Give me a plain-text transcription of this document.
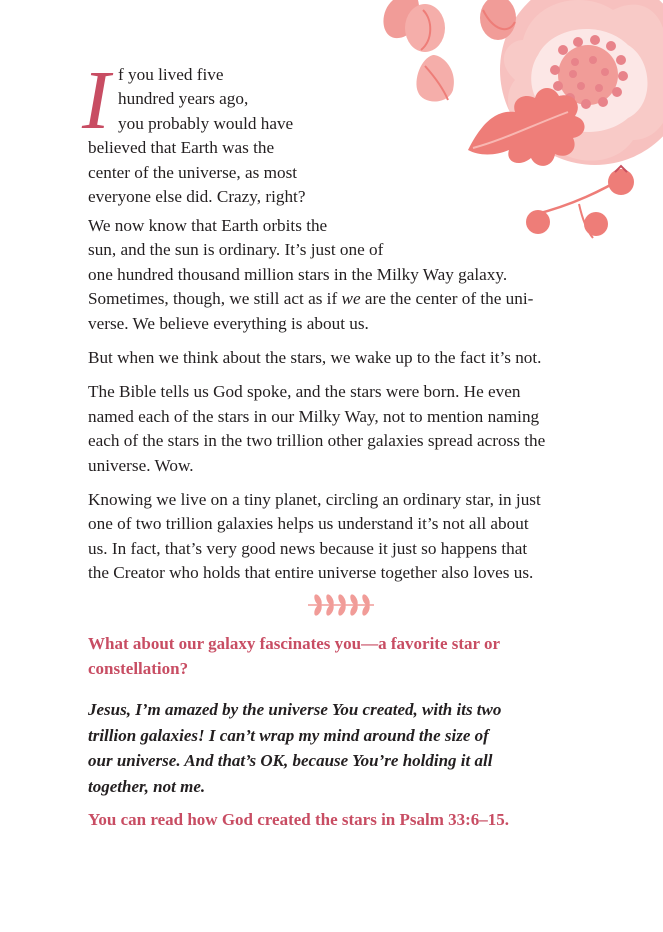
I f you lived five
hundred years ago,
you probably would have
believed that Earth was the
center of the universe, as most
everyone else did. Crazy, right?
We now know that Earth orbits the
sun, and the sun is ordinary. It’s just one of
one hundred thousand million stars in the Milky Way galaxy.
Sometimes, though, we still act as if we are the center of the uni-
verse. We believe everything is about us.
But when we think about the stars, we wake up to the fact it’s not.
The Bible tells us God spoke, and the stars were born. He even
named each of the stars in our Milky Way, not to mention naming
each of the stars in the two trillion other galaxies spread across the
universe. Wow.
Knowing we live on a tiny planet, circling an ordinary star, in just
one of two trillion galaxies helps us understand it’s not all about
us. In fact, that’s very good news because it just so happens that
the Creator who holds that entire universe together also loves us.
What about our galaxy fascinates you—a favorite star or
constellation?
Jesus, I’m amazed by the universe You created, with its two
trillion galaxies! I can’t wrap my mind around the size of
our universe. And that’s OK, because You’re holding it all
together, not me.
You can read how God created the stars in Psalm 33:6–15.
